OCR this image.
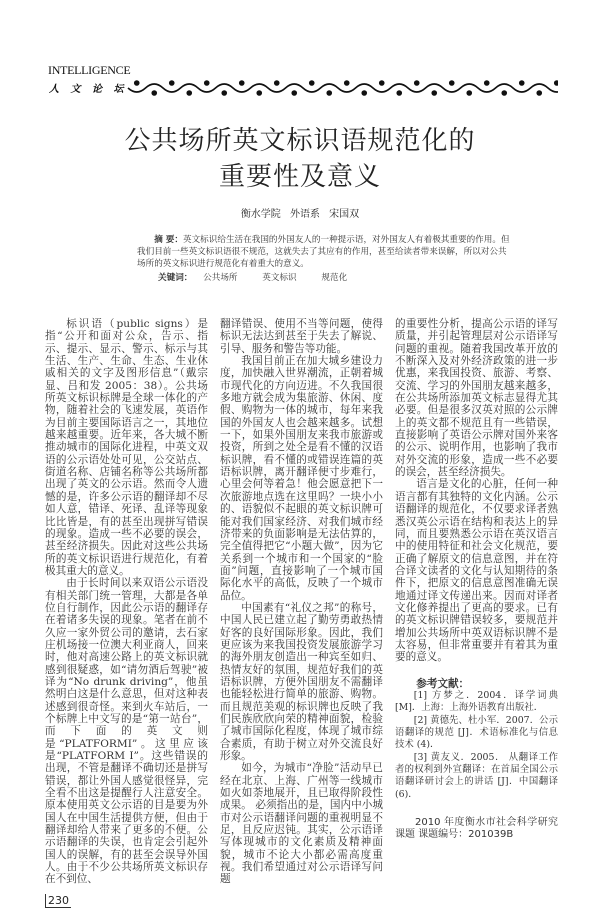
INTELLIGENCE
人 文 论 坛
公共场所英文标识语规范化的
重要性及意义
衡水学院 外语系 宋国双

摘 要：英文标识给生活在我国的外国友人的一种提示语，对外国友人有着极其重要的作用。但我们目前一些英文标识语很不规范，这就失去了其应有的作用，甚至给读者带来误解，所以对公共场所的英文标识进行规范化有着重大的意义。

关键词： 公共场所	英文标识	规范化

标识语（public signs）是指“公开和面对公众，告示、指示、提示、显示、警示、标示与其生活、生产、生命、生态、生业休戚相关的文字及图形信息”（戴宗显、吕和发 2005：38）。公共场所英文标识标牌是全球一体化的产物，随着社会的飞速发展，英语作为目前主要国际语言之一，其地位越来越重要。近年来，各大城不断推动城市的国际化进程，中英文双语的公示语处处可见，公交站点、街道名称、店铺名称等公共场所都出现了英文的公示语。然而令人遗憾的是，许多公示语的翻译却不尽如人意，错译、死译、乱译等现象比比皆是，有的甚至出现拼写错误的现象。造成一些不必要的误会，甚至经济损失。因此对这些公共场所的英文标识语进行规范化，有着极其重大的意义。

由于长时间以来双语公示语没有相关部门统一管理，大都是各单位自行制作，因此公示语的翻译存在着诸多失误的现象。笔者在前不久应一家外贸公司的邀请，去石家庄机场接一位澳大利亚商人，回来时，他对高速公路上的英文标识就感到很疑惑，如“请勿酒后驾驶”被译为“No drunk driving”，他虽然明白这是什么意思，但对这种表述感到很奇怪。来到火车站后，一个标牌上中文写的是“第一站台”，而下面的英文则是“PLATFORMI”。这里应该是“PLATFORM I”。这些错误的出现，不管是翻译不确切还是拼写错误，都让外国人感觉很怪异，完全看不出这是提醒行人注意安全。原本使用英文公示语的目是要为外国人在中国生活提供方便，但由于翻译却给人带来了更多的不便。公示语翻译的失误，也肯定会引起外国人的误解，有的甚至会误导外国人。由于不少公共场所英文标识存在不到位、

230

翻译错误、使用不当等问题，使得标识无法达到甚至于失去了解说、引导、服务和警告等功能。

我国目前正在加大城乡建设力度，加快融入世界潮流，正朝着城市现代化的方向迈进。不久我国很多地方就会成为集旅游、休闲、度假、购物为一体的城市，每年来我国的外国友人也会越来越多。试想一下，如果外国朋友来我市旅游或投资，所到之处全是看不懂的汉语标识牌，看不懂的或错误连篇的英语标识牌，离开翻译便寸步难行，心里会何等着急！他会愿意把下一次旅游地点选在这里吗？一块小小的、语貌似不起眼的英文标识牌可能对我们国家经济、对我们城市经济带来的负面影响是无法估算的，完全值得把它“小题大做”，因为它关系到一个城市和一个国家的“脸面”问题，直接影响了一个城市国际化水平的高低，反映了一个城市品位。

中国素有“礼仪之邦”的称号，中国人民已建立起了勤劳勇敢热情好客的良好国际形象。因此，我们更应该为来我国投资发展旅游学习的海外朋友创造出一种宾至如归、热情友好的氛围，规范好我们的英语标识牌，方便外国朋友不需翻译也能轻松进行简单的旅游、购物。而且规范美观的标识牌也反映了我们民族欣欣向荣的精神面貌，检验了城市国际化程度，体现了城市综合素质，有助于树立对外交流良好形象。

如今，为城市“净脸”活动早已经在北京、上海、广州等一线城市如火如荼地展开，且已取得阶段性成果。 必须指出的是，国内中小城市对公示语翻译问题的重视明显不足，且反应迟钝。其实，公示语译写体现城市的文化素质及精神面貌，城市不论大小都必需高度重视。我们希望通过对公示语译写问题

的重要性分析，提高公示语的译写质量，并引起管理层对公示语译写问题的重视。随着我国改革开放的不断深入及对外经济政策的进一步优惠，来我国投资、旅游、考察、交流、学习的外国朋友越来越多，在公共场所添加英文标志显得尤其必要。但是很多汉英对照的公示牌上的英文都不规范且有一些错误，直接影响了英语公示牌对国外来客的公示、说明作用，也影响了我市对外交流的形象，造成一些不必要的误会，甚至经济损失。

语言是文化的心脏，任何一种语言都有其独特的文化内涵。公示语翻译的规范化，不仅要求译者熟悉汉英公示语在结构和表达上的异同，而且要熟悉公示语在英汉语言中的使用特征和社会文化规范，要正确了解原文的信息意图，并在符合译文读者的文化与认知期待的条件下，把原文的信息意图准确无误地通过译文传递出来。因而对译者文化修养提出了更高的要求。已有的英文标识牌错误较多，要规范并增加公共场所中英双语标识牌不是太容易，但非常重要并有着其为重要的意义。

参考文献：

[1] 方梦之．2004．译学词典 [M]．上海：上海外语教育出版社．

[2] 黄德先、杜小军．2007．公示语翻译的规范 [J]．术语标准化与信息技术 (4)．

[3] 黄友义．2005． 从翻译工作者的权利到外宣翻译：在首届全国公示语翻译研讨会上的讲话 [J]．中国翻译 (6)．

2010 年度衡水市社会科学研究课题 课题编号：201039B
